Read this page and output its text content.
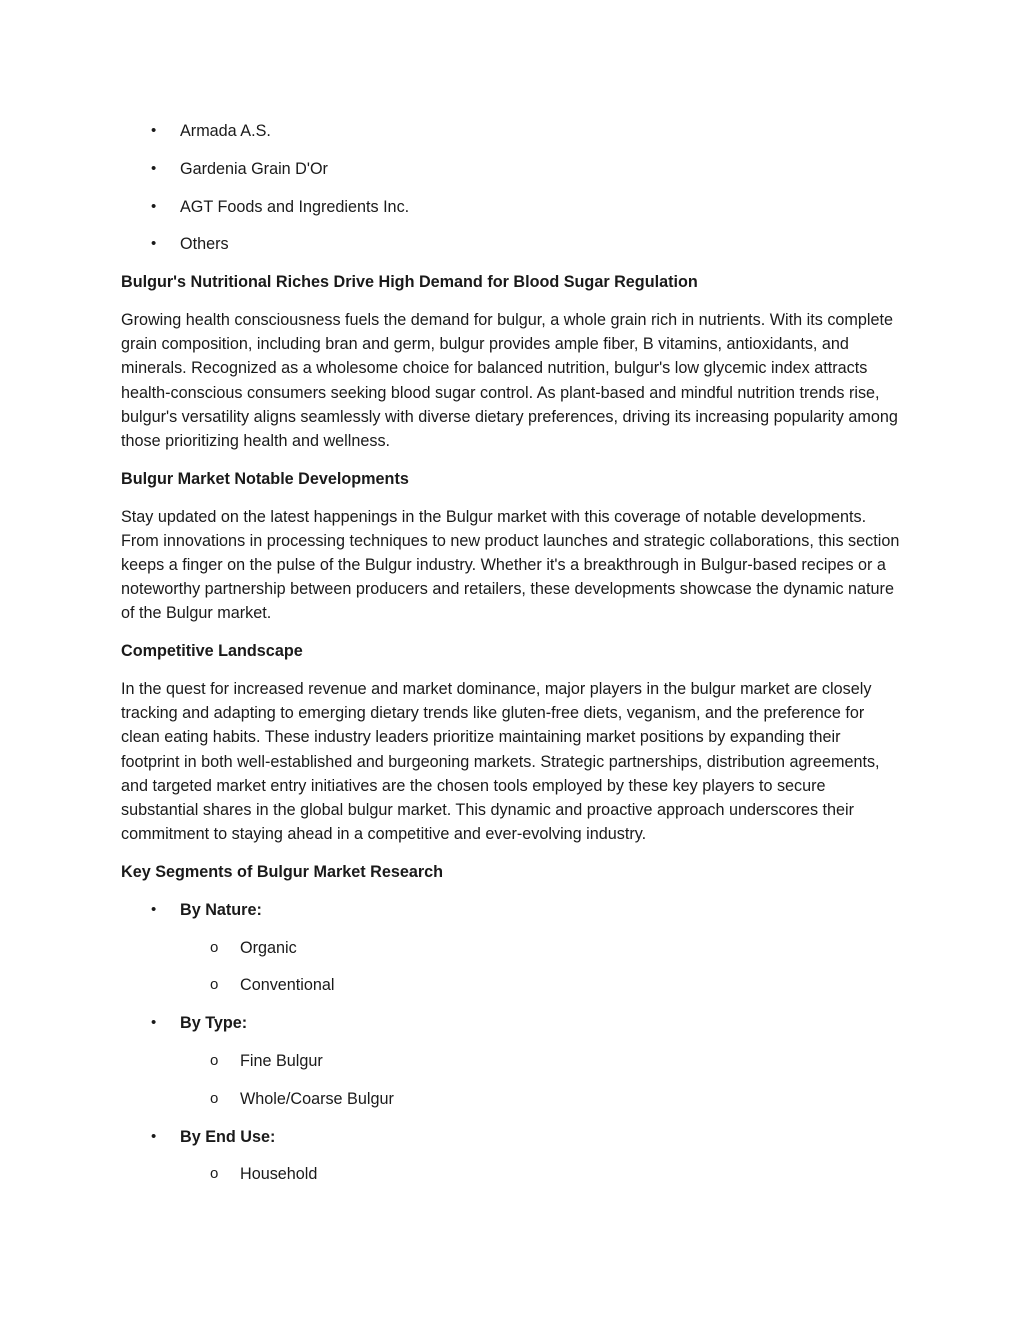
• Armada A.S.
• Gardenia Grain D'Or
• AGT Foods and Ingredients Inc.
• Others
Bulgur's Nutritional Riches Drive High Demand for Blood Sugar Regulation

Growing health consciousness fuels the demand for bulgur, a whole grain rich in nutrients. With its complete grain composition, including bran and germ, bulgur provides ample fiber, B vitamins, antioxidants, and minerals. Recognized as a wholesome choice for balanced nutrition, bulgur's low glycemic index attracts health-conscious consumers seeking blood sugar control. As plant-based and mindful nutrition trends rise, bulgur's versatility aligns seamlessly with diverse dietary preferences, driving its increasing popularity among those prioritizing health and wellness.

Bulgur Market Notable Developments

Stay updated on the latest happenings in the Bulgur market with this coverage of notable developments. From innovations in processing techniques to new product launches and strategic collaborations, this section keeps a finger on the pulse of the Bulgur industry. Whether it's a breakthrough in Bulgur-based recipes or a noteworthy partnership between producers and retailers, these developments showcase the dynamic nature of the Bulgur market.

Competitive Landscape

In the quest for increased revenue and market dominance, major players in the bulgur market are closely tracking and adapting to emerging dietary trends like gluten-free diets, veganism, and the preference for clean eating habits. These industry leaders prioritize maintaining market positions by expanding their footprint in both well-established and burgeoning markets. Strategic partnerships, distribution agreements, and targeted market entry initiatives are the chosen tools employed by these key players to secure substantial shares in the global bulgur market. This dynamic and proactive approach underscores their commitment to staying ahead in a competitive and ever-evolving industry.

Key Segments of Bulgur Market Research
• By Nature:
o Organic
o Conventional
• By Type:
o Fine Bulgur
o Whole/Coarse Bulgur
• By End Use:
o Household
